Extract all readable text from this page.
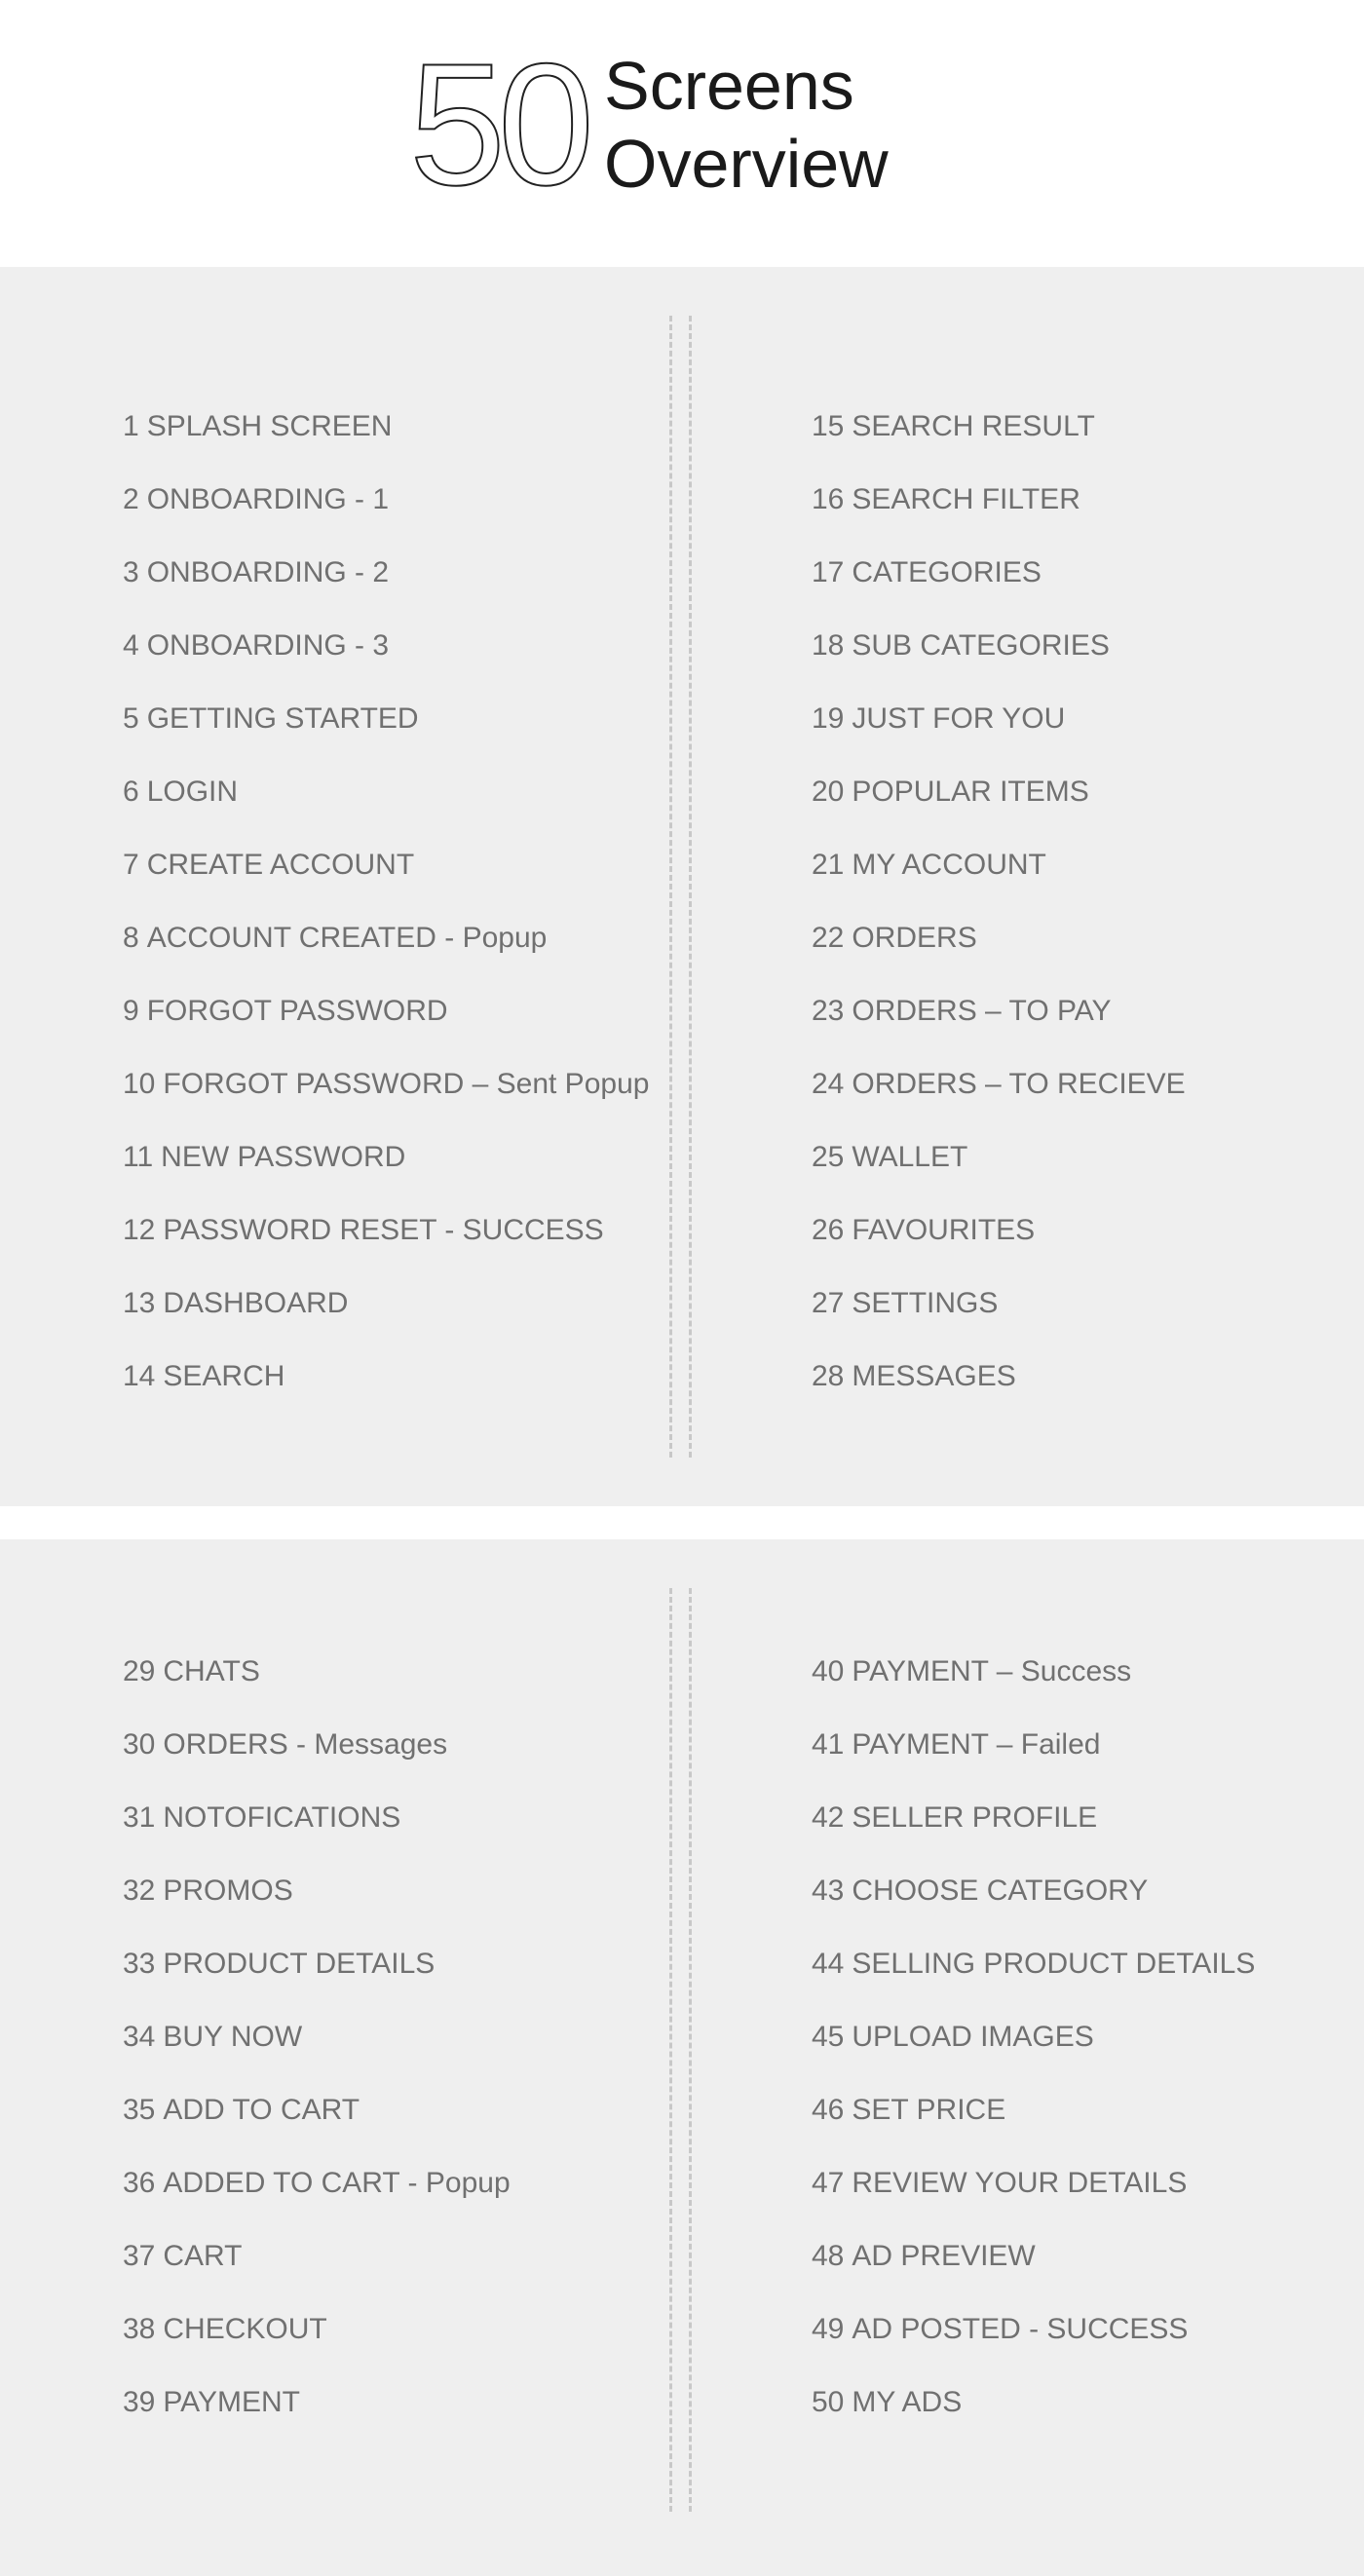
50 Screens
Overview
1 SPLASH SCREEN
2 ONBOARDING - 1
3 ONBOARDING - 2
4 ONBOARDING - 3
5 GETTING STARTED
6 LOGIN
7 CREATE ACCOUNT
8 ACCOUNT CREATED - Popup
9 FORGOT PASSWORD
10 FORGOT PASSWORD – Sent Popup
11 NEW PASSWORD
12 PASSWORD RESET - SUCCESS
13 DASHBOARD
14 SEARCH
15 SEARCH RESULT
16 SEARCH FILTER
17 CATEGORIES
18 SUB CATEGORIES
19 JUST FOR YOU
20 POPULAR ITEMS
21 MY ACCOUNT
22 ORDERS
23 ORDERS – TO PAY
24 ORDERS – TO RECIEVE
25 WALLET
26 FAVOURITES
27 SETTINGS
28 MESSAGES
29 CHATS
30 ORDERS - Messages
31 NOTOFICATIONS
32 PROMOS
33 PRODUCT DETAILS
34 BUY NOW
35 ADD TO CART
36 ADDED TO CART - Popup
37 CART
38 CHECKOUT
39 PAYMENT
40 PAYMENT – Success
41 PAYMENT – Failed
42 SELLER PROFILE
43 CHOOSE CATEGORY
44 SELLING PRODUCT DETAILS
45 UPLOAD IMAGES
46 SET PRICE
47 REVIEW YOUR DETAILS
48 AD PREVIEW
49 AD POSTED - SUCCESS
50 MY ADS
